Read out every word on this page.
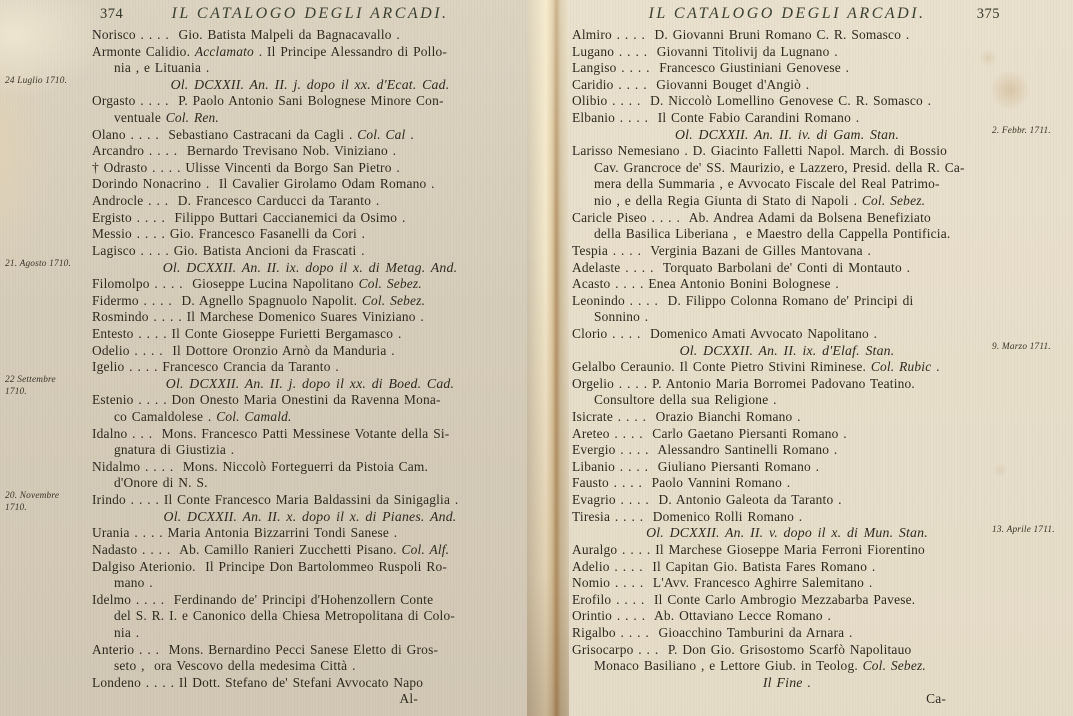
374	IL CATALOGO DEGLI ARCADI.	IL CATALOGO DEGLI ARCADI.	375
Norisco . . . .  Gio. Batista Malpeli da Bagnacavallo .
Armonte Calidio. Acclamato . Il Principe Alessandro di Pollo-
nia , e Lituania .
Ol. DCXXII. An. II. j. dopo il xx. d'Ecat. Cad.
Orgasto . . . .  P. Paolo Antonio Sani Bolognese Minore Con-
ventuale Col. Ren.
Olano . . . .  Sebastiano Castracani da Cagli . Col. Cal .
Arcandro . . . .  Bernardo Trevisano Nob. Viniziano .
† Odrasto . . . . Ulisse Vincenti da Borgo San Pietro .
Dorindo Nonacrino .  Il Cavalier Girolamo Odam Romano .
Androcle . . .  D. Francesco Carducci da Taranto .
Ergisto . . . .  Filippo Buttari Caccianemici da Osimo .
Messio . . . . Gio. Francesco Fasanelli da Cori .
Lagisco . . . . Gio. Batista Ancioni da Frascati .
Ol. DCXXII. An. II. ix. dopo il x. di Metag. And.
Filomolpo . . . .  Gioseppe Lucina Napolitano Col. Sebez.
Fidermo . . . .  D. Agnello Spagnuolo Napolit. Col. Sebez.
Rosmindo . . . . Il Marchese Domenico Suares Viniziano .
Entesto . . . . Il Conte Gioseppe Furietti Bergamasco .
Odelio . . . .  Il Dottore Oronzio Arnò da Manduria .
Igelio . . . . Francesco Crancia da Taranto .
Ol. DCXXII. An. II. j. dopo il xx. di Boed. Cad.
Estenio . . . . Don Onesto Maria Onestini da Ravenna Mona-
co Camaldolese . Col. Camald.
Idalno . . .  Mons. Francesco Patti Messinese Votante della Si-
gnatura di Giustizia .
Nidalmo . . . .  Mons. Niccolò Forteguerri da Pistoia Cam.
d'Onore di N. S.
Irindo . . . . Il Conte Francesco Maria Baldassini da Sinigaglia .
Ol. DCXXII. An. II. x. dopo il x. di Pianes. And.
Urania . . . . Maria Antonia Bizzarrini Tondi Sanese .
Nadasto . . . .  Ab. Camillo Ranieri Zucchetti Pisano. Col. Alf.
Dalgiso Aterionio.  Il Principe Don Bartolommeo Ruspoli Ro-
mano .
Idelmo . . . .  Ferdinando de' Principi d'Hohenzollern Conte
del S. R. I. e Canonico della Chiesa Metropolitana di Colo-
nia .
Anterio . . .  Mons. Bernardino Pecci Sanese Eletto di Gros-
seto ,  ora Vescovo della medesima Città .
Londeno . . . . Il Dott. Stefano de' Stefani Avvocato Napo
Al-
Almiro . . . .  D. Giovanni Bruni Romano C. R. Somasco .
Lugano . . . .  Giovanni Titolivij da Lugnano .
Langiso . . . .  Francesco Giustiniani Genovese .
Caridio . . . .  Giovanni Bouget d'Angiò .
Olibio . . . .  D. Niccolò Lomellino Genovese C. R. Somasco .
Elbanio . . . .  Il Conte Fabio Carandini Romano .
Ol. DCXXII. An. II. iv. di Gam. Stan.
Larisso Nemesiano . D. Giacinto Falletti Napol. March. di Bossio
Cav. Grancroce de' SS. Maurizio, e Lazzero, Presid. della R. Ca-
mera della Summaria , e Avvocato Fiscale del Real Patrimo-
nio , e della Regia Giunta di Stato di Napoli . Col. Sebez.
Caricle Piseo . . . .  Ab. Andrea Adami da Bolsena Benefiziato
della Basilica Liberiana ,  e Maestro della Cappella Pontificia.
Tespia . . . .  Verginia Bazani de Gilles Mantovana .
Adelaste . . . .  Torquato Barbolani de' Conti di Montauto .
Acasto . . . . Enea Antonio Bonini Bolognese .
Leonindo . . . .  D. Filippo Colonna Romano de' Principi di
Sonnino .
Clorio . . . .  Domenico Amati Avvocato Napolitano .
Ol. DCXXII. An. II. ix. d'Elaf. Stan.
Gelalbo Ceraunio. Il Conte Pietro Stivini Riminese. Col. Rubic .
Orgelio . . . . P. Antonio Maria Borromei Padovano Teatino.
Consultore della sua Religione .
Isicrate . . . .  Orazio Bianchi Romano .
Areteo . . . .  Carlo Gaetano Piersanti Romano .
Evergio . . . .  Alessandro Santinelli Romano .
Libanio . . . .  Giuliano Piersanti Romano .
Fausto . . . .  Paolo Vannini Romano .
Evagrio . . . .  D. Antonio Galeota da Taranto .
Tiresia . . . .  Domenico Rolli Romano .
Ol. DCXXII. An. II. v. dopo il x. di Mun. Stan.
Auralgo . . . . Il Marchese Gioseppe Maria Ferroni Fiorentino
Adelio . . . .  Il Capitan Gio. Batista Fares Romano .
Nomio . . . .  L'Avv. Francesco Aghirre Salemitano .
Erofilo . . . .  Il Conte Carlo Ambrogio Mezzabarba Pavese.
Orintio . . . .  Ab. Ottaviano Lecce Romano .
Rigalbo . . . .  Gioacchino Tamburini da Arnara .
Grisocarpo . . .  P. Don Gio. Grisostomo Scarfò Napolitauo
Monaco Basiliano , e Lettore Giub. in Teolog. Col. Sebez.
Il Fine .
Ca-
24 Luglio 1710.
21. Agosto 1710.
22 Settembre
1710.
20. Novembre
1710.
2. Febbr. 1711.
9. Marzo 1711.
13. Aprile 1711.
